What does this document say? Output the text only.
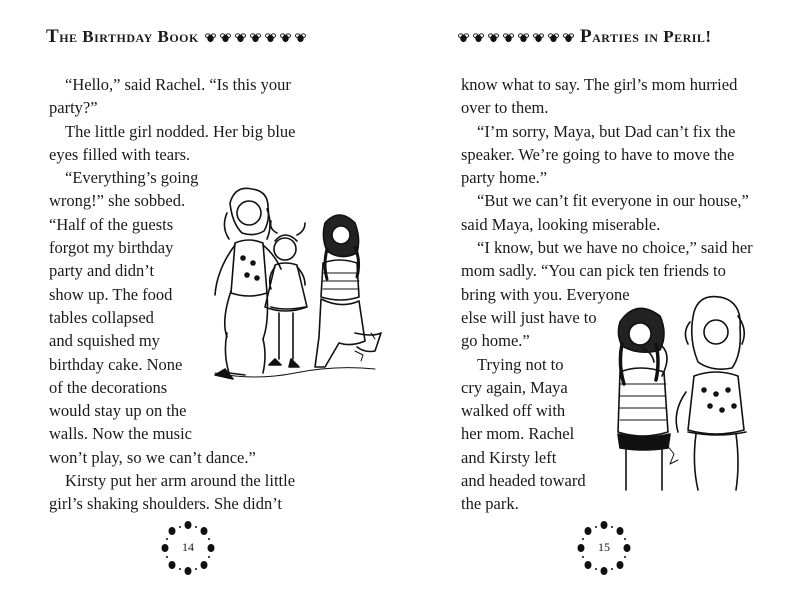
The Birthday Book

“Hello,” said Rachel. “Is this your

party?”

The little girl nodded. Her big blue

eyes filled with tears.

“Everything’s going

wrong!” she sobbed.

“Half of the guests

forgot my birthday

party and didn’t

show up. The food

tables collapsed

and squished my

birthday cake. None

of the decorations

would stay up on the

walls. Now the music

won’t play, so we can’t dance.”

Kirsty put her arm around the little

girl’s shaking shoulders. She didn’t

14
Parties in Peril!

know what to say. The girl’s mom hurried

over to them.

“I’m sorry, Maya, but Dad can’t fix the

speaker. We’re going to have to move the

party home.”

“But we can’t fit everyone in our house,”

said Maya, looking miserable.

“I know, but we have no choice,” said her

mom sadly. “You can pick ten friends to

bring with you. Everyone

else will just have to

go home.”

Trying not to

cry again, Maya

walked off with

her mom. Rachel

and Kirsty left

and headed toward

the park.

15
